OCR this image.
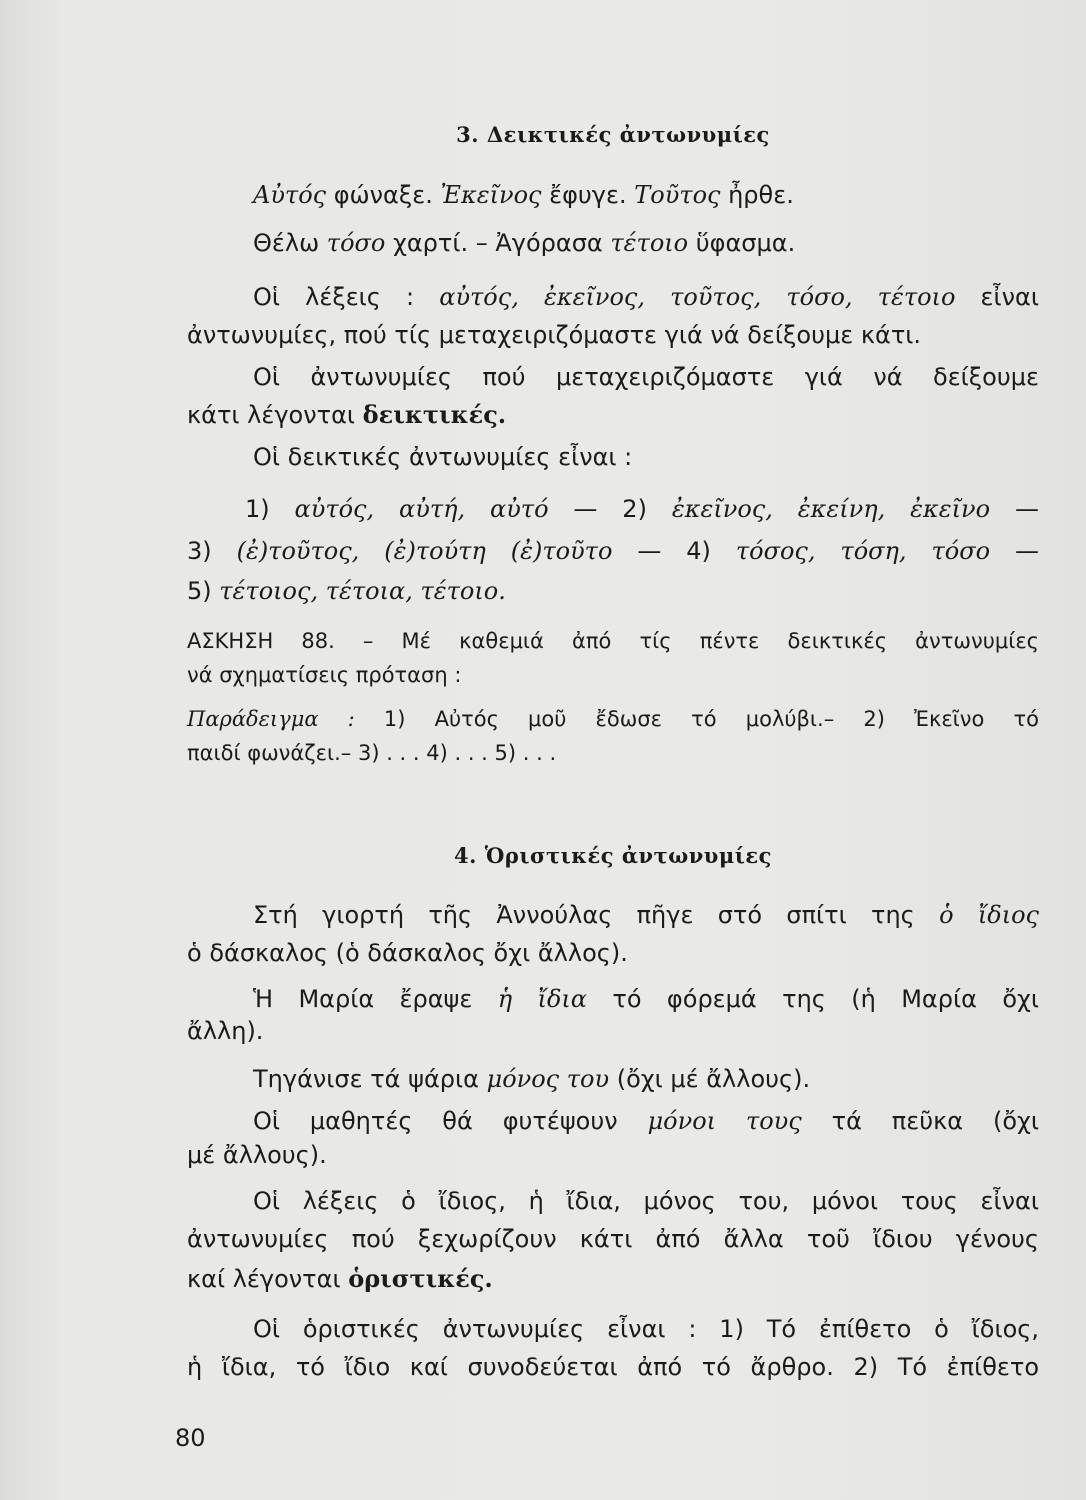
3. Δεικτικές ἀντωνυμίες
Αὐτός φώναξε. Ἐκεῖνος ἔφυγε. Τοῦτος ἦρθε.
Θέλω τόσο χαρτί. – Ἀγόρασα τέτοιο ὕφασμα.
Οἱ λέξεις : αὐτός, ἐκεῖνος, τοῦτος, τόσο, τέτοιο εἶναι
ἀντωνυμίες, πού τίς μεταχειριζόμαστε γιά νά δείξουμε κάτι.
Οἱ ἀντωνυμίες πού μεταχειριζόμαστε γιά νά δείξουμε
κάτι λέγονται δεικτικές.
Οἱ δεικτικές ἀντωνυμίες εἶναι :
1) αὐτός, αὐτή, αὐτό — 2) ἐκεῖνος, ἐκείνη, ἐκεῖνο —
3) (ἐ)τοῦτος, (ἐ)τούτη (ἐ)τοῦτο — 4) τόσος, τόση, τόσο —
5) τέτοιος, τέτοια, τέτοιο.
ΑΣΚΗΣΗ 88. – Μέ καθεμιά ἀπό τίς πέντε δεικτικές ἀντωνυμίες
νά σχηματίσεις πρόταση :
Παράδειγμα : 1) Αὐτός μοῦ ἔδωσε τό μολύβι.– 2) Ἐκεῖνο τό
παιδί φωνάζει.– 3) . . . 4) . . . 5) . . .
4. Ὁριστικές ἀντωνυμίες
Στή γιορτή τῆς Ἀννούλας πῆγε στό σπίτι της ὁ ἴδιος
ὁ δάσκαλος (ὁ δάσκαλος ὄχι ἄλλος).
Ἡ Μαρία ἔραψε ἡ ἴδια τό φόρεμά της (ἡ Μαρία ὄχι
ἄλλη).
Τηγάνισε τά ψάρια μόνος του (ὄχι μέ ἄλλους).
Οἱ μαθητές θά φυτέψουν μόνοι τους τά πεῦκα (ὄχι
μέ ἄλλους).
Οἱ λέξεις ὁ ἴδιος, ἡ ἴδια, μόνος του, μόνοι τους εἶναι
ἀντωνυμίες πού ξεχωρίζουν κάτι ἀπό ἄλλα τοῦ ἴδιου γένους
καί λέγονται ὁριστικές.
Οἱ ὁριστικές ἀντωνυμίες εἶναι : 1) Τό ἐπίθετο ὁ ἴδιος,
ἡ ἴδια, τό ἴδιο καί συνοδεύεται ἀπό τό ἄρθρο. 2) Τό ἐπίθετο
80
